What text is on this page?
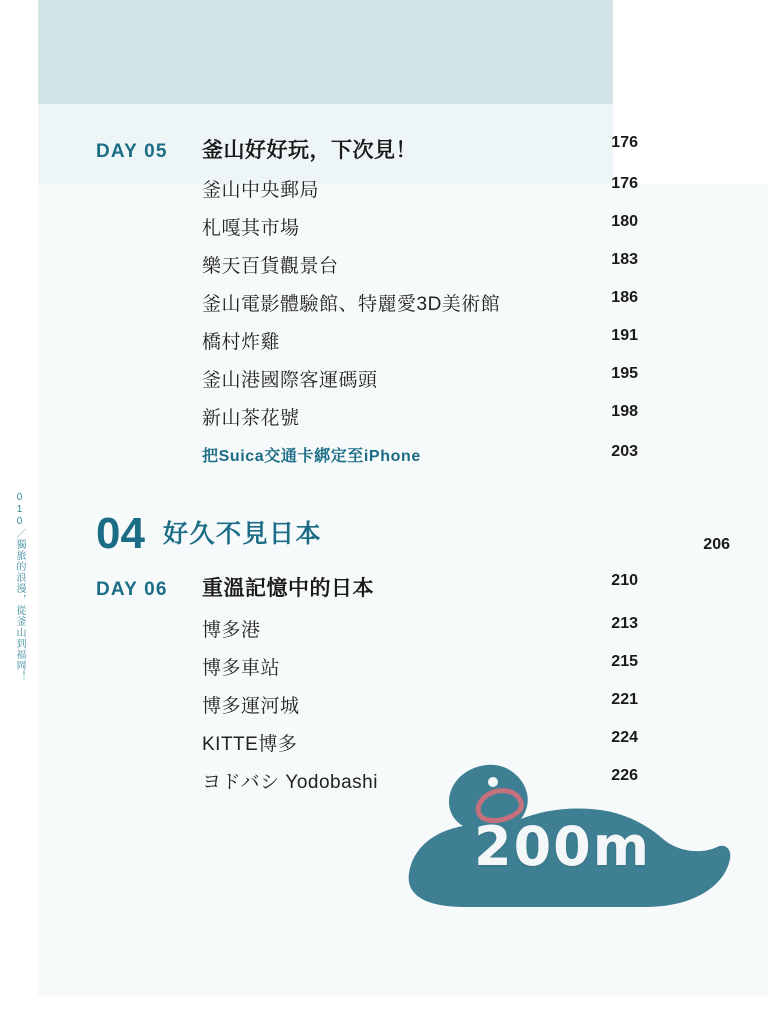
010／獨旅的浪漫，從釜山到福岡！
DAY 05	釜山好好玩，下次見！	176
釜山中央郵局	176
札嘎其市場	180
樂天百貨觀景台	183
釜山電影體驗館、特麗愛3D美術館	186
橋村炸雞	191
釜山港國際客運碼頭	195
新山茶花號	198
把Suica交通卡綁定至iPhone	203
04 好久不見日本	206
DAY 06	重溫記憶中的日本	210
博多港	213
博多車站	215
博多運河城	221
KITTE博多	224
ヨドバシ Yodobashi	226
200m
